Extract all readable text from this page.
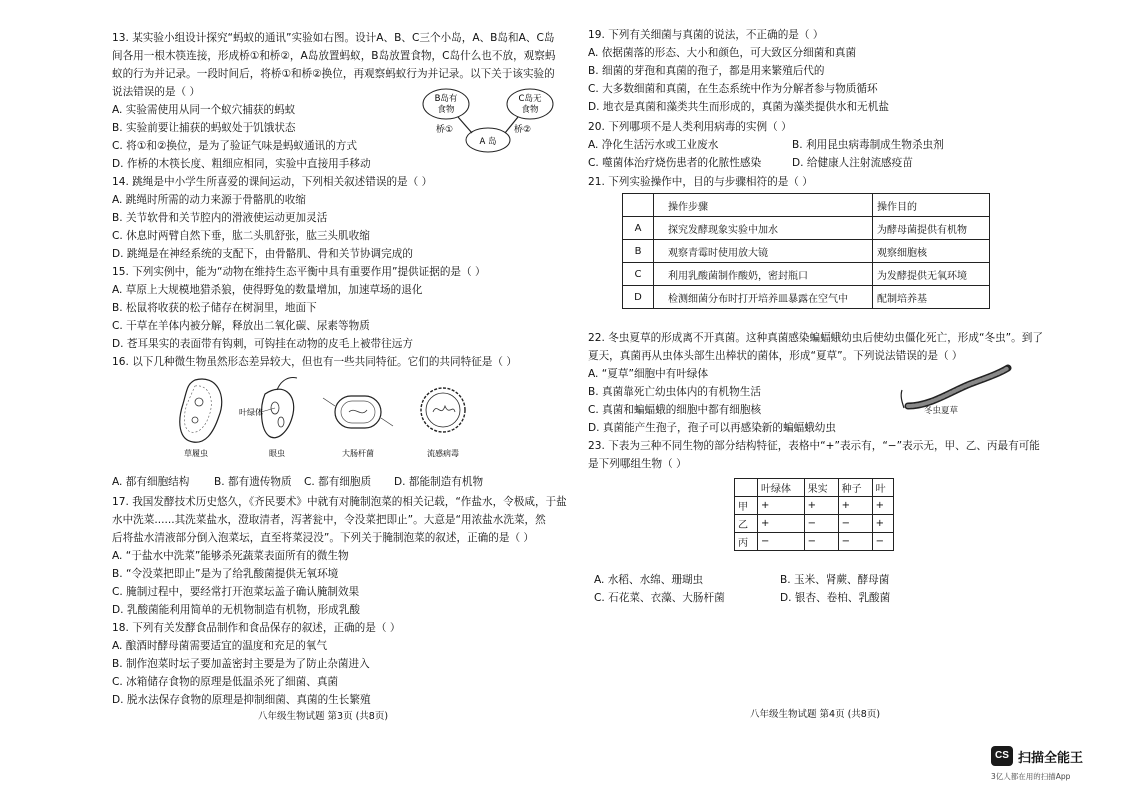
13. 某实验小组设计探究“蚂蚁的通讯”实验如右图。设计A、B、C三个小岛，A、B岛和A、C岛
间各用一根木筷连接，形成桥①和桥②，A岛放置蚂蚁，B岛放置食物，C岛什么也不放，观察蚂
蚁的行为并记录。一段时间后，将桥①和桥②换位，再观察蚂蚁行为并记录。以下关于该实验的
说法错误的是（ ）
A. 实验需使用从同一个蚁穴捕获的蚂蚁
B. 实验前要让捕获的蚂蚁处于饥饿状态
C. 将①和②换位，是为了验证气味是蚂蚁通讯的方式
D. 作桥的木筷长度、粗细应相同，实验中直接用手移动
B岛有
食物
C岛无
食物
A 岛
桥①	桥②
14. 跳绳是中小学生所喜爱的课间运动，下列相关叙述错误的是（ ）
A. 跳绳时所需的动力来源于骨骼肌的收缩
B. 关节软骨和关节腔内的滑液使运动更加灵活
C. 休息时两臂自然下垂，肱二头肌舒张，肱三头肌收缩
D. 跳绳是在神经系统的支配下，由骨骼肌、骨和关节协调完成的
15. 下列实例中，能为“动物在维持生态平衡中具有重要作用”提供证据的是（ ）
A. 草原上大规模地猎杀狼，使得野兔的数量增加，加速草场的退化
B. 松鼠将收获的松子储存在树洞里，地面下
C. 干草在羊体内被分解，释放出二氧化碳、尿素等物质
D. 苍耳果实的表面带有钩刺，可钩挂在动物的皮毛上被带往远方
16. 以下几种微生物虽然形态差异较大，但也有一些共同特征。它们的共同特征是（ ）
草履虫
叶绿体
眼虫	大肠杆菌	流感病毒
A. 都有细胞结构 B. 都有遗传物质 C. 都有细胞质 D. 都能制造有机物
17. 我国发酵技术历史悠久，《齐民要术》中就有对腌制泡菜的相关记载，“作盐水，令极咸，于盐
水中洗菜......其洗菜盐水，澄取清者，泻著瓮中，令没菜把即止”。大意是“用浓盐水洗菜，然
后将盐水清液部分倒入泡菜坛，直至将菜浸没”。下列关于腌制泡菜的叙述，正确的是（ ）
A. “于盐水中洗菜”能够杀死蔬菜表面所有的微生物
B. “令没菜把即止”是为了给乳酸菌提供无氧环境
C. 腌制过程中，要经常打开泡菜坛盖子确认腌制效果
D. 乳酸菌能利用简单的无机物制造有机物，形成乳酸
18. 下列有关发酵食品制作和食品保存的叙述，正确的是（ ）
A. 酿酒时酵母菌需要适宜的温度和充足的氧气
B. 制作泡菜时坛子要加盖密封主要是为了防止杂菌进入
C. 冰箱储存食物的原理是低温杀死了细菌、真菌
D. 脱水法保存食物的原理是抑制细菌、真菌的生长繁殖
八年级生物试题 第3页 (共8页)
19. 下列有关细菌与真菌的说法，不正确的是（ ）
A. 依据菌落的形态、大小和颜色，可大致区分细菌和真菌
B. 细菌的芽孢和真菌的孢子，都是用来繁殖后代的
C. 大多数细菌和真菌，在生态系统中作为分解者参与物质循环
D. 地衣是真菌和藻类共生而形成的，真菌为藻类提供水和无机盐
20. 下列哪项不是人类利用病毒的实例（ ）
A. 净化生活污水或工业废水	B. 利用昆虫病毒制成生物杀虫剂
C. 噬菌体治疗烧伤患者的化脓性感染	D. 给健康人注射流感疫苗
21. 下列实验操作中，目的与步骤相符的是（ ）
	操作步骤	操作目的
A	探究发酵现象实验中加水	为酵母菌提供有机物
B	观察青霉时使用放大镜	观察细胞核
C	利用乳酸菌制作酸奶，密封瓶口	为发酵提供无氧环境
D	检测细菌分布时打开培养皿暴露在空气中	配制培养基
22. 冬虫夏草的形成离不开真菌。这种真菌感染蝙蝠蛾幼虫后使幼虫僵化死亡，形成“冬虫”。到了
夏天，真菌再从虫体头部生出棒状的菌体，形成“夏草”。下列说法错误的是（ ）
A. “夏草”细胞中有叶绿体
B. 真菌靠死亡幼虫体内的有机物生活
C. 真菌和蝙蝠蛾的细胞中都有细胞核
D. 真菌能产生孢子，孢子可以再感染新的蝙蝠蛾幼虫
冬虫夏草
23. 下表为三种不同生物的部分结构特征，表格中“+”表示有，“−”表示无，甲、乙、丙最有可能
是下列哪组生物（ ）
	叶绿体	果实	种子	叶
甲	+	+	+	+
乙	+	−	−	+
丙	−	−	−	−
A. 水稻、水绵、珊瑚虫	B. 玉米、肾蕨、酵母菌
C. 石花菜、衣藻、大肠杆菌	D. 银杏、卷柏、乳酸菌
八年级生物试题 第4页 (共8页)
CS 扫描全能王
3亿人都在用的扫描App
